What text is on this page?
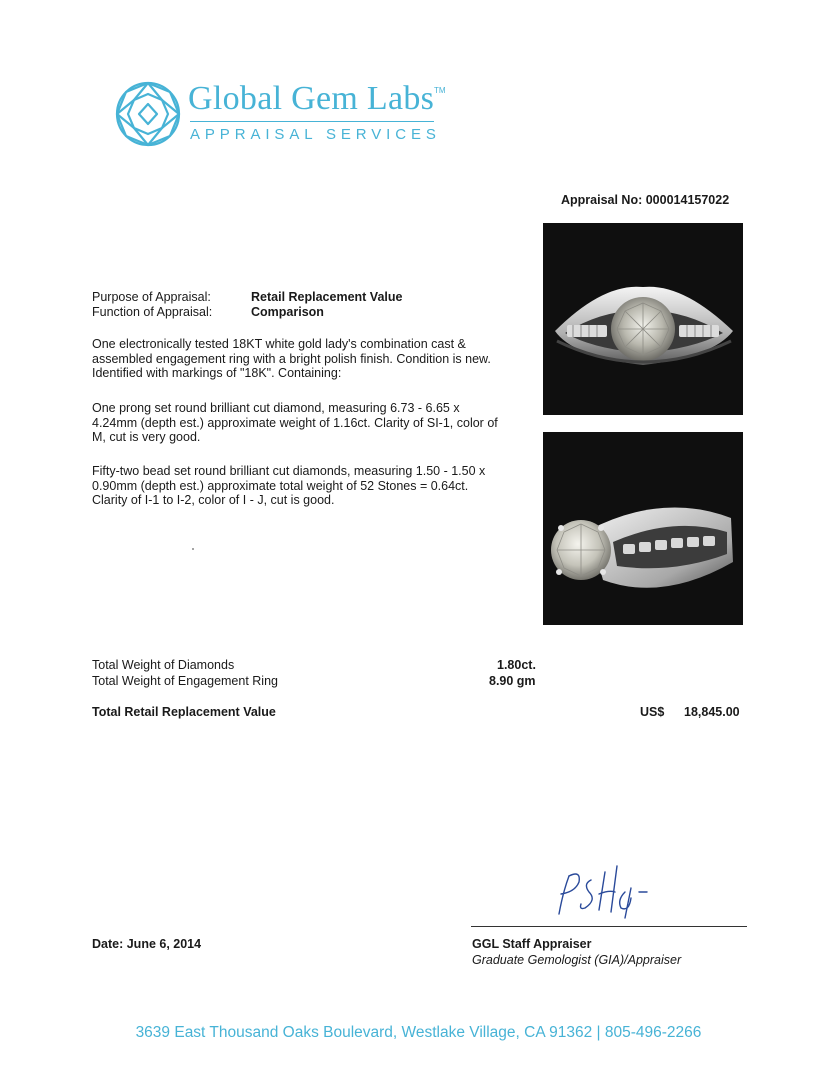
Global Gem Labs TM
APPRAISAL SERVICES
Appraisal No: 000014157022
Purpose of Appraisal:	Retail Replacement Value
Function of Appraisal:	Comparison
One electronically tested 18KT white gold lady's combination cast & assembled engagement ring with a bright polish finish. Condition is new. Identified with markings of "18K". Containing:
One prong set round brilliant cut diamond, measuring 6.73 - 6.65 x 4.24mm (depth est.) approximate weight of 1.16ct. Clarity of SI-1, color of M, cut is very good.
Fifty-two bead set round brilliant cut diamonds, measuring 1.50 - 1.50 x 0.90mm (depth est.) approximate total weight of 52 Stones = 0.64ct. Clarity of I-1 to I-2, color of I - J, cut is good.
Total Weight of Diamonds	1.80ct.
Total Weight of Engagement Ring	8.90 gm
Total Retail Replacement Value	US$ 18,845.00
Date: June 6, 2014	GGL Staff Appraiser
Graduate Gemologist (GIA)/Appraiser
3639 East Thousand Oaks Boulevard, Westlake Village, CA 91362 | 805-496-2266
